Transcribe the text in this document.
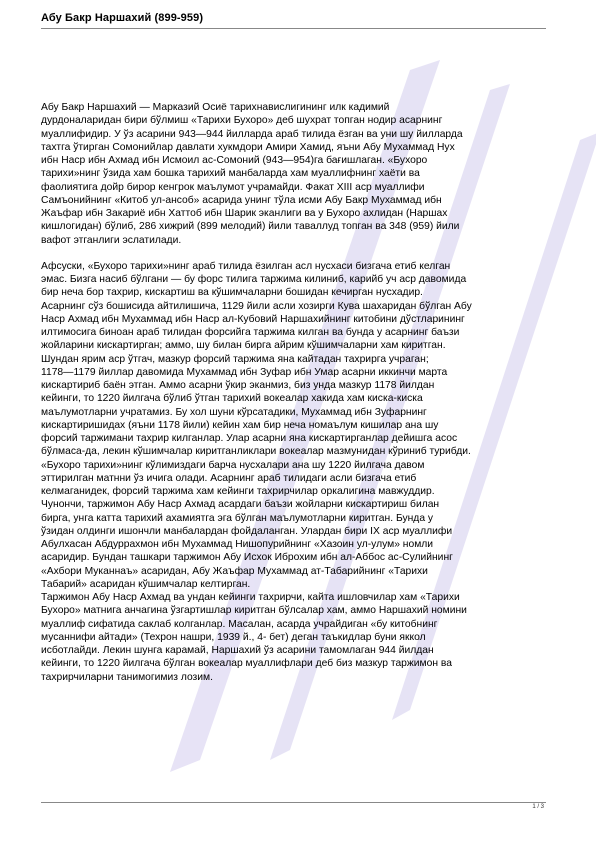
Абу Бакр Наршахий (899-959)

Абу Бакр Наршахий — Марказий Осиё тарихнавислигининг илк кадимий
дурдоналаридан бири бўлмиш «Тарихи Бухоро» деб шухрат топган нодир асарнинг
муаллифидир. У ўз асарини 943—944 йилларда араб тилида ёзган ва уни шу йилларда
тахтга ўтирган Сомонийлар давлати хукмдори Амири Хамид, яъни Абу Мухаммад Нух
ибн Наср ибн Ахмад ибн Исмоил ас-Сомоний (943—954)га бағишлаган. «Бухоро
тарихи»нинг ўзида хам бошка тарихий манбаларда хам муаллифнинг хаёти ва
фаолиятига дойр бирор кенгрок маълумот учрамайди. Факат XIII аср муаллифи
Самъонийнинг «Китоб ул-ансоб» асарида унинг тўла исми Абу Бакр Мухаммад ибн
Жаъфар ибн Закариё ибн Хаттоб ибн Шарик эканлиги ва у Бухоро ахлидан (Наршах
кишлогидан) бўлиб, 286 хижрий (899 мелодий) йили таваллуд топган ва 348 (959) йили
вафот этганлиги эслатилади.

Афсуски, «Бухоро тарихи»нинг араб тилида ёзилган асл нусхаси бизгача етиб келган
эмас. Бизга насиб бўлгани — бу форс тилига таржима килиниб, карийб уч аср давомида
бир неча бор тахрир, кискартиш ва кўшимчаларни бошидан кечирган нусхадир.
Асарнинг сўз бошисида айтилишича, 1129 йили асли хозирги Кува шахаридан бўлган Абу
Наср Ахмад ибн Мухаммад ибн Наср ал-Кубовий Наршахийнинг китобини дўстларининг
илтимосига биноан араб тилидан форсийга таржима килган ва бунда у асарнинг баъзи
жойларини кискартирган; аммо, шу билан бирга айрим кўшимчаларни хам киритган.
Шундан ярим аср ўтгач, мазкур форсий таржима яна кайтадан тахрирга учраган;
1178—1179 йиллар давомида Мухаммад ибн Зуфар ибн Умар асарни иккинчи марта
кискартириб баён этган. Аммо асарни ўкир эканмиз, биз унда мазкур 1178 йилдан
кейинги, то 1220 йилгача бўлиб ўтган тарихий вокеалар хакида хам киска-киска
маълумотларни учратамиз. Бу хол шуни кўрсатадики, Мухаммад ибн Зуфарнинг
кискартиришидах (яъни 1178 йили) кейин хам бир неча номаълум кишилар ана шу
форсий таржимани тахрир килганлар. Улар асарни яна кискартирганлар дейишга асос
бўлмаса-да, лекин кўшимчалар киритганликлари вокеалар мазмунидан кўриниб турибди.
«Бухоро тарихи»нинг кўлимиздаги барча нусхалари ана шу 1220 йилгача давом
эттирилган матнни ўз ичига олади. Асарнинг араб тилидаги асли бизгача етиб
келмаганидек, форсий таржима хам кейинги тахрирчилар оркалигина мавжуддир.
Чунончи, таржимон Абу Наср Ахмад асардаги баъзи жойларни кискартириш билан
бирга, унга катта тарихий ахамиятга эга бўлган маълумотларни киритган. Бунда у
ўзидан олдинги ишончли манбалардан фойдаланган. Улардан бири IX аср муаллифи
Абулхасан Абдуррахмон ибн Мухаммад Нишопурийнинг «Хазоин ул-улум» номли
асаридир. Бундан ташкари таржимон Абу Исхок Иброхим ибн ал-Аббос ас-Сулийнинг
«Ахбори Муканнаъ» асаридан, Абу Жаъфар Мухаммад ат-Табарийнинг «Тарихи
Табарий» асаридан кўшимчалар келтирган.
Таржимон Абу Наср Ахмад ва ундан кейинги тахрирчи, кайта ишловчилар хам «Тарихи
Бухоро» матнига анчагина ўзгартишлар киритган бўлсалар хам, аммо Наршахий номини
муаллиф сифатида саклаб колганлар. Масалан, асарда учрайдиган «бу китобнинг
мусаннифи айтади» (Техрон нашри, 1939 й., 4- бет) деган таъкидлар буни яккол
исботлайди. Лекин шунга карамай, Наршахий ўз асарини тамомлаган 944 йилдан
кейинги, то 1220 йилгача бўлган вокеалар муаллифлари деб биз мазкур таржимон ва
тахрирчиларни танимогимиз лозим.

1 / 3
